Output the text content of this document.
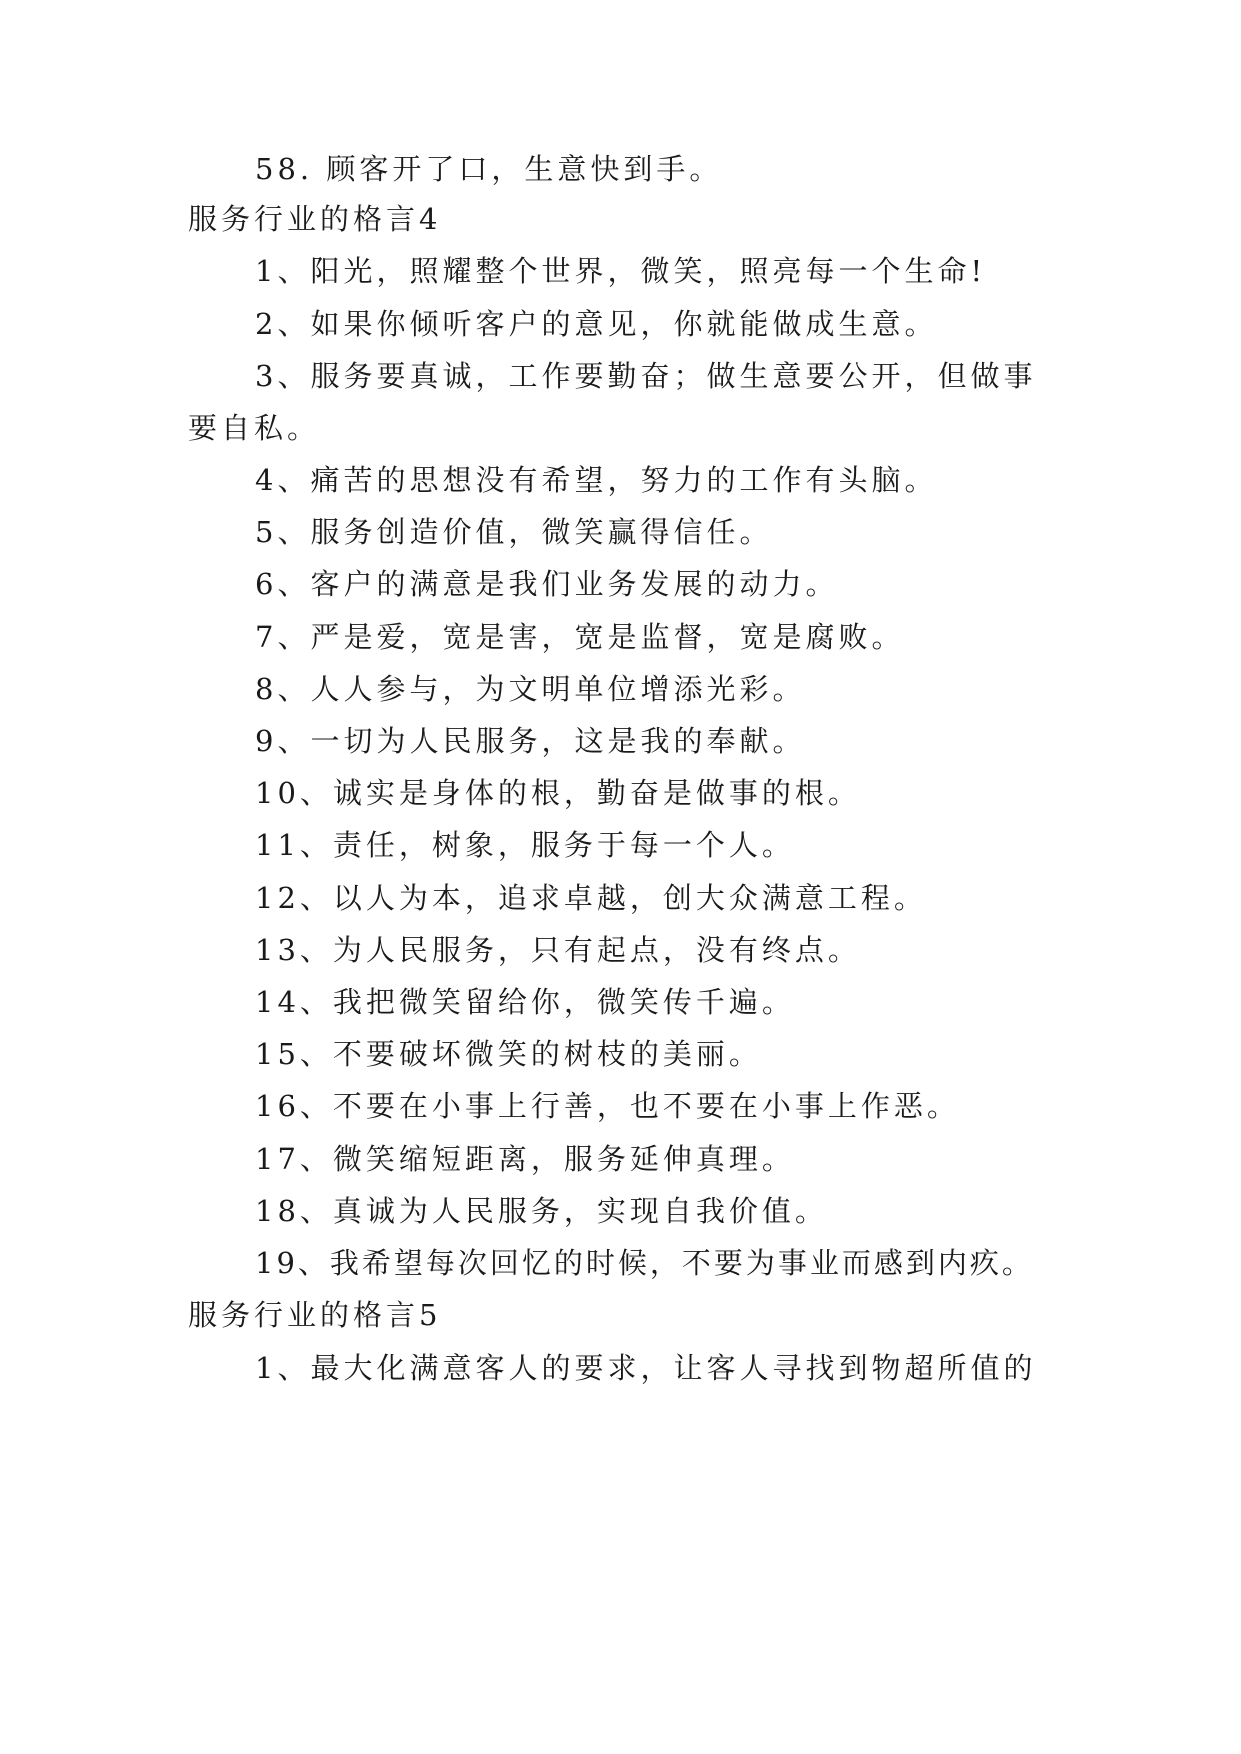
58. 顾客开了口，生意快到手。
服务行业的格言4
1、阳光，照耀整个世界，微笑，照亮每一个生命!
2、如果你倾听客户的意见，你就能做成生意。
3、服务要真诚，工作要勤奋；做生意要公开，但做事
要自私。
4、痛苦的思想没有希望，努力的工作有头脑。
5、服务创造价值，微笑赢得信任。
6、客户的满意是我们业务发展的动力。
7、严是爱，宽是害，宽是监督，宽是腐败。
8、人人参与，为文明单位增添光彩。
9、一切为人民服务，这是我的奉献。
10、诚实是身体的根，勤奋是做事的根。
11、责任，树象，服务于每一个人。
12、以人为本，追求卓越，创大众满意工程。
13、为人民服务，只有起点，没有终点。
14、我把微笑留给你，微笑传千遍。
15、不要破坏微笑的树枝的美丽。
16、不要在小事上行善，也不要在小事上作恶。
17、微笑缩短距离，服务延伸真理。
18、真诚为人民服务，实现自我价值。
19、我希望每次回忆的时候，不要为事业而感到内疚。
服务行业的格言5
1、最大化满意客人的要求，让客人寻找到物超所值的
